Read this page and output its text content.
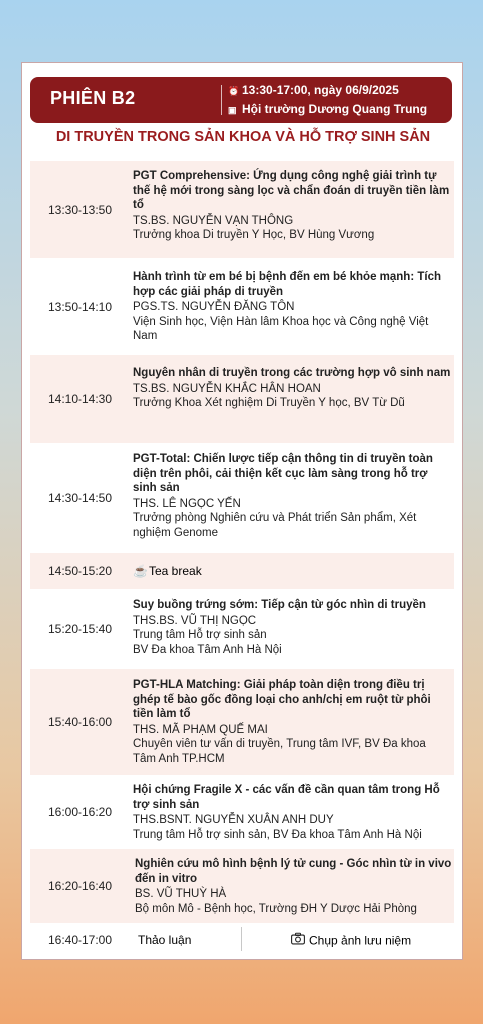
PHIÊN B2	⏰ 13:30-17:00, ngày 06/9/2025
▣ Hội trường Dương Quang Trung
DI TRUYỀN TRONG SẢN KHOA VÀ HỖ TRỢ SINH SẢN
13:30-13:50
PGT Comprehensive: Ứng dụng công nghệ giải trình tự thế hệ mới trong sàng lọc và chẩn đoán di truyền tiền làm tổ
TS.BS. NGUYỄN VẠN THÔNG
Trưởng khoa Di truyền Y Học, BV Hùng Vương
13:50-14:10
Hành trình từ em bé bị bệnh đến em bé khỏe mạnh: Tích hợp các giải pháp di truyền
PGS.TS. NGUYỄN ĐĂNG TÔN
Viện Sinh học, Viện Hàn lâm Khoa học và Công nghệ Việt Nam
14:10-14:30
Nguyên nhân di truyền trong các trường hợp vô sinh nam
TS.BS. NGUYỄN KHẮC HÂN HOAN
Trưởng Khoa Xét nghiệm Di Truyền Y học, BV Từ Dũ
14:30-14:50
PGT-Total: Chiến lược tiếp cận thông tin di truyền toàn diện trên phôi, cải thiện kết cục làm sàng trong hỗ trợ sinh sản
THS. LÊ NGỌC YẾN
Trưởng phòng Nghiên cứu và Phát triển Sản phẩm, Xét nghiệm Genome
14:50-15:20	☕Tea break
15:20-15:40
Suy buồng trứng sớm: Tiếp cận từ góc nhìn di truyền
THS.BS. VŨ THỊ NGỌC
Trung tâm Hỗ trợ sinh sản
BV Đa khoa Tâm Anh Hà Nội
15:40-16:00
PGT-HLA Matching: Giải pháp toàn diện trong điều trị ghép tế bào gốc đồng loại cho anh/chị em ruột từ phôi tiền làm tổ
THS. MÃ PHẠM QUẾ MAI
Chuyên viên tư vấn di truyền, Trung tâm IVF, BV Đa khoa Tâm Anh TP.HCM
16:00-16:20
Hội chứng Fragile X - các vấn đề cần quan tâm trong Hỗ trợ sinh sản
THS.BSNT. NGUYỄN XUÂN ANH DUY
Trung tâm Hỗ trợ sinh sản, BV Đa khoa Tâm Anh Hà Nội
16:20-16:40
Nghiên cứu mô hình bệnh lý tử cung - Góc nhìn từ in vivo đến in vitro
BS. VŨ THUỲ HÀ
Bộ môn Mô - Bệnh học, Trường ĐH Y Dược Hải Phòng
16:40-17:00	Thảo luận	Chụp ảnh lưu niệm
